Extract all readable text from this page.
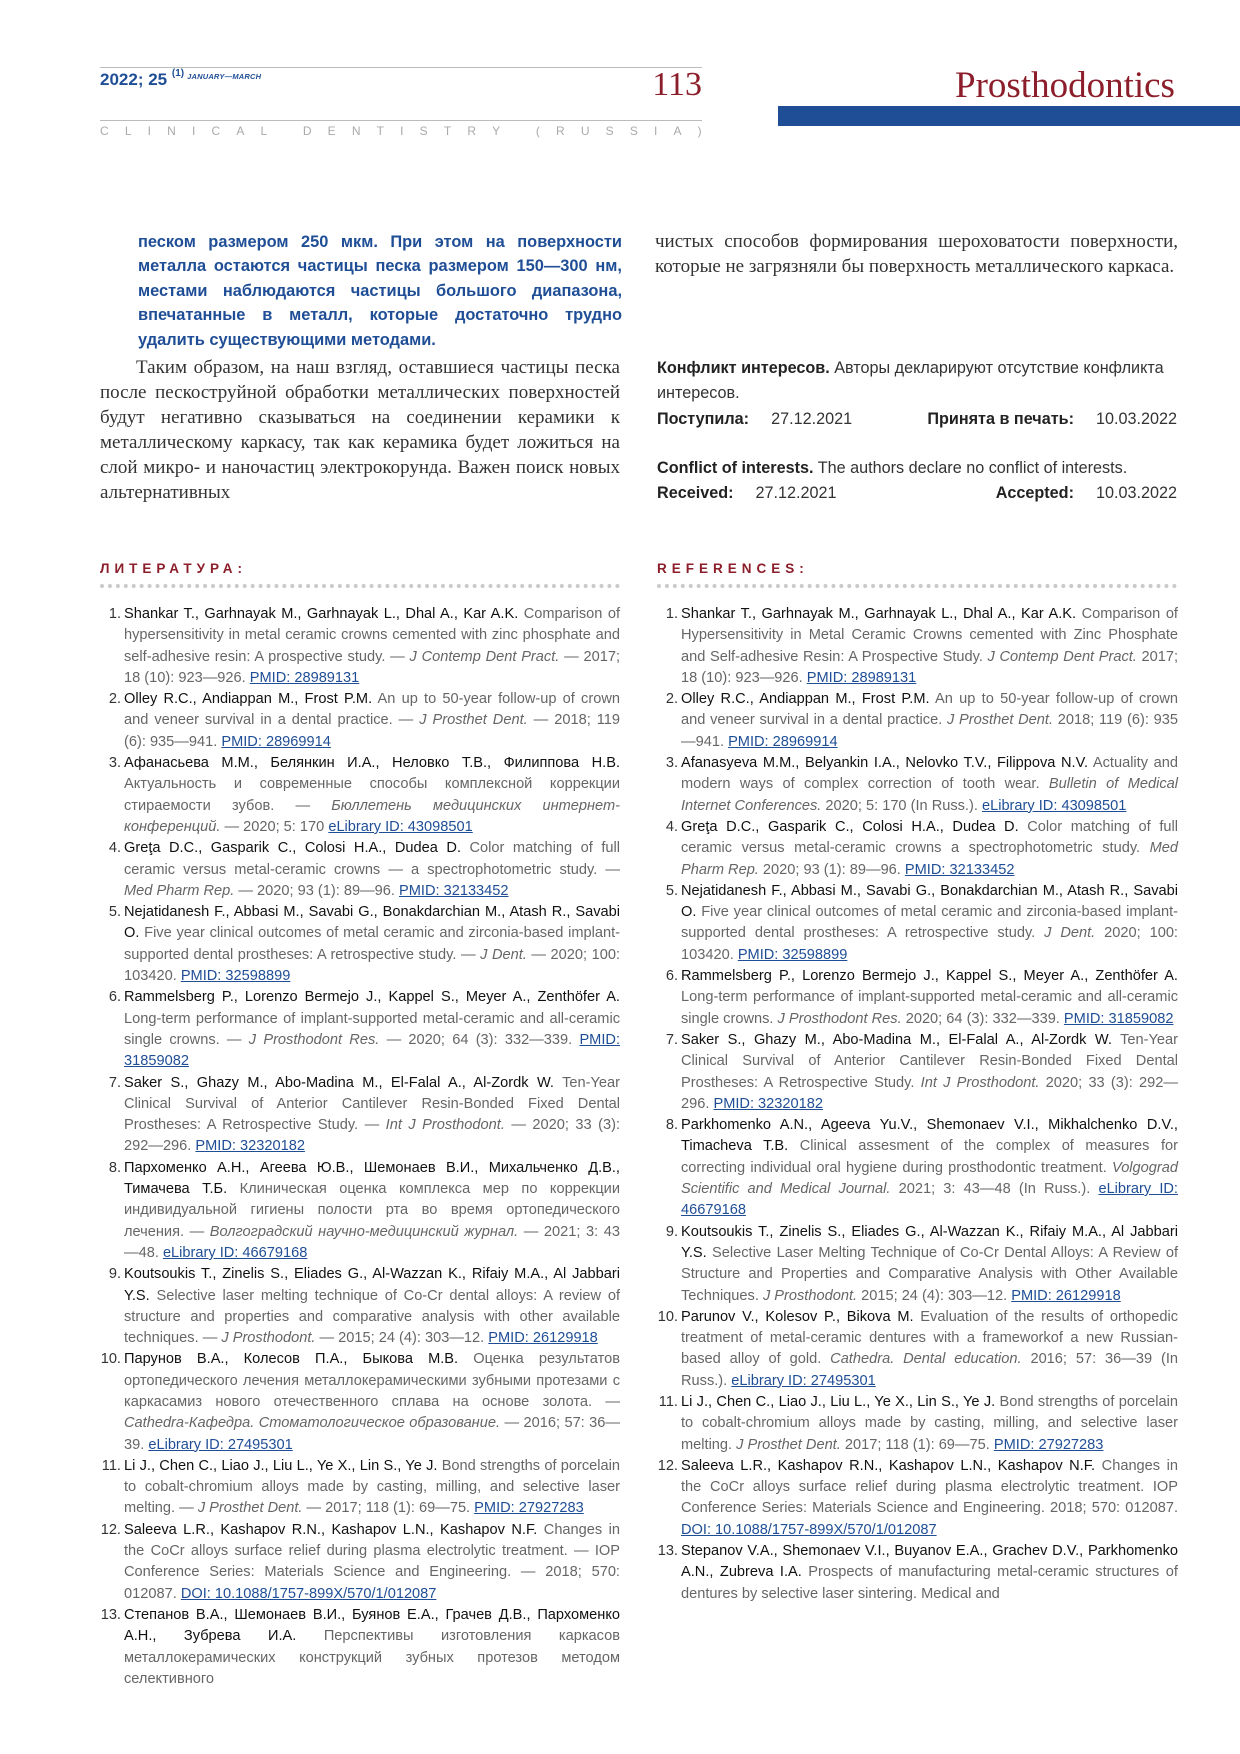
2022; 25 $^{(1)}$ $^{JANUARY—MARCH}$	113
C L I N I C A L
	D E N T I S T R Y
	( R U S S I A )
Prosthodontics
песком размером 250 мкм. При этом на поверхности металла остаются частицы песка размером 150—300 нм, местами наблюдаются частицы большого диапазона, впечатанные в металл, которые достаточно трудно удалить существующими методами.
Таким образом, на наш взгляд, оставшиеся частицы песка после пескоструйной обработки металлических поверхностей будут негативно сказываться на соединении керамики к металлическому каркасу, так как керамика будет ложиться на слой микро- и наночастиц электрокорунда. Важен поиск новых альтернативных
чистых способов формирования шероховатости поверхности, которые не загрязняли бы поверхность металлического каркаса.
Конфликт интересов. Авторы декларируют отсутствие конфликта интересов.
Поступила: 27.12.2021	Принята в печать: 10.03.2022
Conflict of interests. The authors declare no conflict of interests.
Received: 27.12.2021	Accepted: 10.03.2022
ЛИТЕРАТУРА:
1. Shankar T., Garhnayak M., Garhnayak L., Dhal A., Kar A.K. Comparison of hypersensitivity in metal ceramic crowns cemented with zinc phosphate and self-adhesive resin: A prospective study. — J Contemp Dent Pract. — 2017; 18 (10): 923—926. PMID: 28989131
2. Olley R.C., Andiappan M., Frost P.M. An up to 50-year follow-up of crown and veneer survival in a dental practice. — J Prosthet Dent. — 2018; 119 (6): 935—941. PMID: 28969914
3. Афанасьева М.М., Белянкин И.А., Неловко Т.В., Филиппова Н.В. Актуальность и современные способы комплексной коррекции стираемости зубов. — Бюллетень медицинских интернет-конференций. — 2020; 5: 170 eLibrary ID: 43098501
4. Greţa D.C., Gasparik C., Colosi H.A., Dudea D. Color matching of full ceramic versus metal-ceramic crowns — a spectrophotometric study. — Med Pharm Rep. — 2020; 93 (1): 89—96. PMID: 32133452
5. Nejatidanesh F., Abbasi M., Savabi G., Bonakdarchian M., Atash R., Savabi O. Five year clinical outcomes of metal ceramic and zirconia-based implant-supported dental prostheses: A retrospective study. — J Dent. — 2020; 100: 103420. PMID: 32598899
6. Rammelsberg P., Lorenzo Bermejo J., Kappel S., Meyer A., Zenthöfer A. Long-term performance of implant-supported metal-ceramic and all-ceramic single crowns. — J Prosthodont Res. — 2020; 64 (3): 332—339. PMID: 31859082
7. Saker S., Ghazy M., Abo-Madina M., El-Falal A., Al-Zordk W. Ten-Year Clinical Survival of Anterior Cantilever Resin-Bonded Fixed Dental Prostheses: A Retrospective Study. — Int J Prosthodont. — 2020; 33 (3): 292—296. PMID: 32320182
8. Пархоменко А.Н., Агеева Ю.В., Шемонаев В.И., Михальченко Д.В., Тимачева Т.Б. Клиническая оценка комплекса мер по коррекции индивидуальной гигиены полости рта во время ортопедического лечения. — Волгоградский научно-медицинский журнал. — 2021; 3: 43—48. eLibrary ID: 46679168
9. Koutsoukis T., Zinelis S., Eliades G., Al-Wazzan K., Rifaiy M.A., Al Jabbari Y.S. Selective laser melting technique of Co-Cr dental alloys: A review of structure and properties and comparative analysis with other available techniques. — J Prosthodont. — 2015; 24 (4): 303—12. PMID: 26129918
10. Парунов В.А., Колесов П.А., Быкова М.В. Оценка результатов ортопедического лечения металлокерамическими зубными протезами с каркасамиз нового отечественного сплава на основе золота. — Cathedra-Кафедра. Стоматологическое образование. — 2016; 57: 36—39. eLibrary ID: 27495301
11. Li J., Chen C., Liao J., Liu L., Ye X., Lin S., Ye J. Bond strengths of porcelain to cobalt-chromium alloys made by casting, milling, and selective laser melting. — J Prosthet Dent. — 2017; 118 (1): 69—75. PMID: 27927283
12. Saleeva L.R., Kashapov R.N., Kashapov L.N., Kashapov N.F. Changes in the CoCr alloys surface relief during plasma electrolytic treatment. — IOP Conference Series: Materials Science and Engineering. — 2018; 570: 012087. DOI: 10.1088/1757-899X/570/1/012087
13. Степанов В.А., Шемонаев В.И., Буянов Е.А., Грачев Д.В., Пархоменко А.Н., Зубрева И.А. Перспективы изготовления каркасов металлокерамических конструкций зубных протезов методом селективного
REFERENCES:
1. Shankar T., Garhnayak M., Garhnayak L., Dhal A., Kar A.K. Comparison of Hypersensitivity in Metal Ceramic Crowns cemented with Zinc Phosphate and Self-adhesive Resin: A Prospective Study. J Contemp Dent Pract. 2017; 18 (10): 923—926. PMID: 28989131
2. Olley R.C., Andiappan M., Frost P.M. An up to 50-year follow-up of crown and veneer survival in a dental practice. J Prosthet Dent. 2018; 119 (6): 935—941. PMID: 28969914
3. Afanasyeva M.M., Belyankin I.A., Nelovko T.V., Filippova N.V. Actuality and modern ways of complex correction of tooth wear. Bulletin of Medical Internet Conferences. 2020; 5: 170 (In Russ.). eLibrary ID: 43098501
4. Greţa D.C., Gasparik C., Colosi H.A., Dudea D. Color matching of full ceramic versus metal-ceramic crowns a spectrophotometric study. Med Pharm Rep. 2020; 93 (1): 89—96. PMID: 32133452
5. Nejatidanesh F., Abbasi M., Savabi G., Bonakdarchian M., Atash R., Savabi O. Five year clinical outcomes of metal ceramic and zirconia-based implant-supported dental prostheses: A retrospective study. J Dent. 2020; 100: 103420. PMID: 32598899
6. Rammelsberg P., Lorenzo Bermejo J., Kappel S., Meyer A., Zenthöfer A. Long-term performance of implant-supported metal-ceramic and all-ceramic single crowns. J Prosthodont Res. 2020; 64 (3): 332—339. PMID: 31859082
7. Saker S., Ghazy M., Abo-Madina M., El-Falal A., Al-Zordk W. Ten-Year Clinical Survival of Anterior Cantilever Resin-Bonded Fixed Dental Prostheses: A Retrospective Study. Int J Prosthodont. 2020; 33 (3): 292—296. PMID: 32320182
8. Parkhomenko A.N., Ageeva Yu.V., Shemonaev V.I., Mikhalchenko D.V., Timacheva T.B. Clinical assesment of the complex of measures for correcting individual oral hygiene during prosthodontic treatment. Volgograd Scientific and Medical Journal. 2021; 3: 43—48 (In Russ.). eLibrary ID: 46679168
9. Koutsoukis T., Zinelis S., Eliades G., Al-Wazzan K., Rifaiy M.A., Al Jabbari Y.S. Selective Laser Melting Technique of Co-Cr Dental Alloys: A Review of Structure and Properties and Comparative Analysis with Other Available Techniques. J Prosthodont. 2015; 24 (4): 303—12. PMID: 26129918
10. Parunov V., Kolesov P., Bikova M. Evaluation of the results of orthopedic treatment of metal-ceramic dentures with a frameworkof a new Russian-based alloy of gold. Cathedra. Dental education. 2016; 57: 36—39 (In Russ.). eLibrary ID: 27495301
11. Li J., Chen C., Liao J., Liu L., Ye X., Lin S., Ye J. Bond strengths of porcelain to cobalt-chromium alloys made by casting, milling, and selective laser melting. J Prosthet Dent. 2017; 118 (1): 69—75. PMID: 27927283
12. Saleeva L.R., Kashapov R.N., Kashapov L.N., Kashapov N.F. Changes in the CoCr alloys surface relief during plasma electrolytic treatment. IOP Conference Series: Materials Science and Engineering. 2018; 570: 012087. DOI: 10.1088/1757-899X/570/1/012087
13. Stepanov V.A., Shemonaev V.I., Buyanov E.A., Grachev D.V., Parkhomenko A.N., Zubreva I.A. Prospects of manufacturing metal-ceramic structures of dentures by selective laser sintering. Medical and
